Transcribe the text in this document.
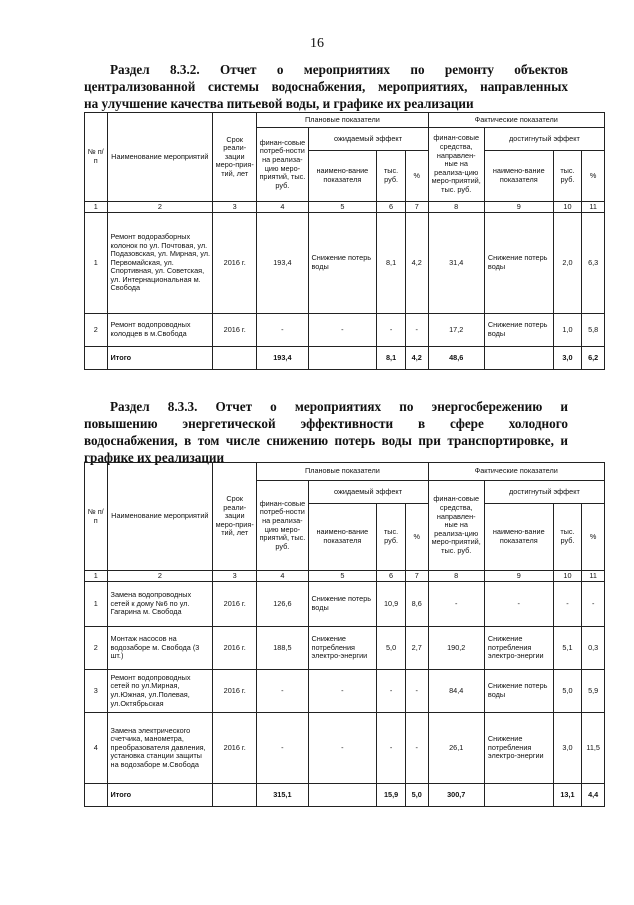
16
Раздел 8.3.2. Отчет о мероприятиях по ремонту объектов
централизованной системы водоснабжения, мероприятиях, направленных
на улучшение качества питьевой воды, и графике их реализации
№ п/п	Наименование мероприятий	Срок реали-зации меро-прия-тий, лет	Плановые показатели				Фактические показатели			
			финан-совые потреб-ности на реализа-цию меро-приятий, тыс. руб.	ожидаемый эффект			финан-совые средства, направлен-ные на реализа-цию меро-приятий, тыс. руб.	достигнутый эффект		
				наимено-вание показателя	тыс. руб.	%		наимено-вание показателя	тыс. руб.	%
1	2	3	4	5	6	7	8	9	10	11
1	Ремонт водоразборных колонок по ул. Почтовая, ул. Подазовская, ул. Мирная, ул. Первомайская, ул. Спортивная, ул. Советская, ул. Интернациональная м. Свобода	2016 г.	193,4	Снижение потерь воды	8,1	4,2	31,4	Снижение потерь воды	2,0	6,3
2	Ремонт водопроводных колодцев в м.Свобода	2016 г.	-	-	-	-	17,2	Снижение потерь воды	1,0	5,8
	Итого		193,4		8,1	4,2	48,6		3,0	6,2
Раздел 8.3.3. Отчет о мероприятиях по энергосбережению и
повышению энергетической эффективности в сфере холодного
водоснабжения, в том числе снижению потерь воды при транспортировке, и
графике их реализации
№ п/п	Наименование мероприятий	Срок реали-зации меро-прия-тий, лет	Плановые показатели				Фактические показатели			
			финан-совые потреб-ности на реализа-цию меро-приятий, тыс. руб.	ожидаемый эффект			финан-совые средства, направлен-ные на реализа-цию меро-приятий, тыс. руб.	достигнутый эффект		
				наимено-вание показателя	тыс. руб.	%		наимено-вание показателя	тыс. руб.	%
1	2	3	4	5	6	7	8	9	10	11
1	Замена водопроводных сетей к дому №6 по ул. Гагарина м. Свобода	2016 г.	126,6	Снижение потерь воды	10,9	8,6	-	-	-	-
2	Монтаж насосов на водозаборе м. Свобода (3 шт.)	2016 г.	188,5	Снижение потребления электро-энергии	5,0	2,7	190,2	Снижение потребления электро-энергии	5,1	0,3
3	Ремонт водопроводных сетей по ул.Мирная, ул.Южная, ул.Полевая, ул.Октябрьская	2016 г.	-	-	-	-	84,4	Снижение потерь воды	5,0	5,9
4	Замена электрического счетчика, манометра, преобразователя давления, установка станции защиты на водозаборе м.Свобода	2016 г.	-	-	-	-	26,1	Снижение потребления электро-энергии	3,0	11,5
	Итого		315,1		15,9	5,0	300,7		13,1	4,4
